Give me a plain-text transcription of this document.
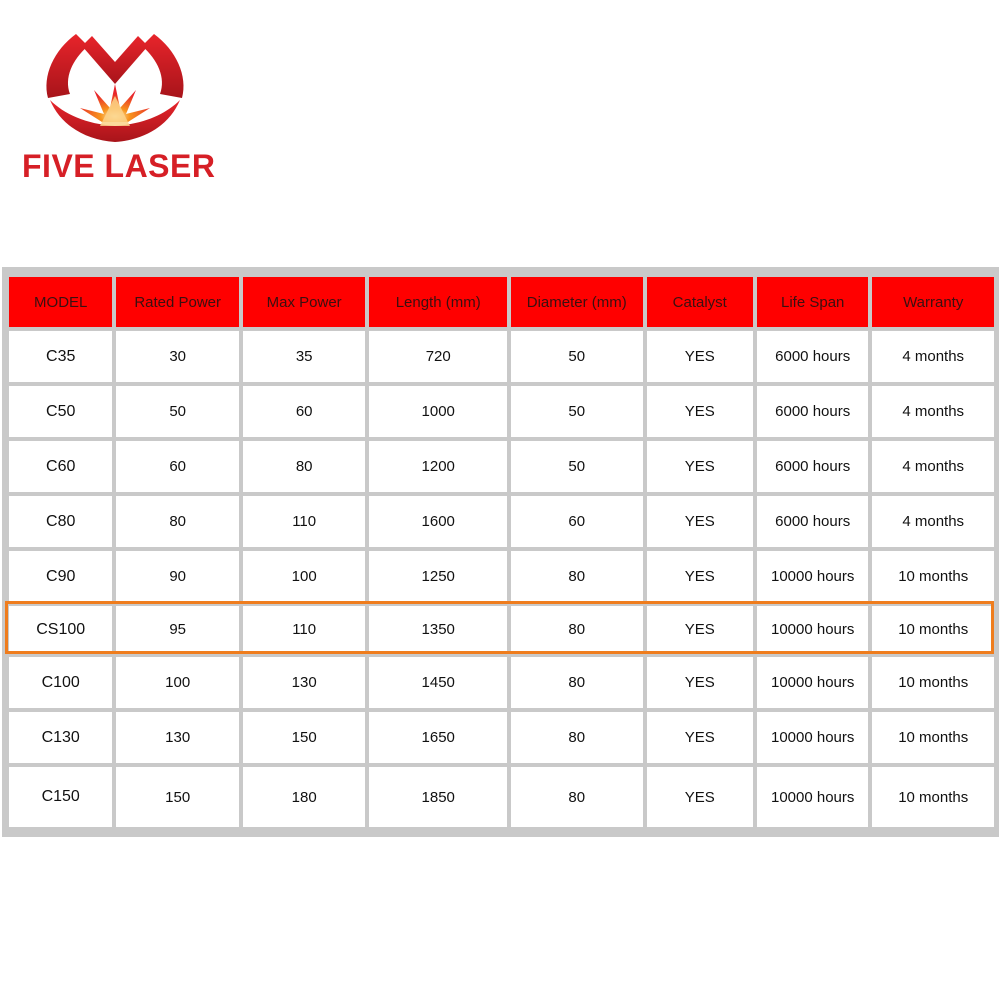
FIVE LASER
MODEL	Rated Power	Max Power	Length (mm)	Diameter (mm)	Catalyst	Life Span	Warranty
C35	30	35	720	50	YES	6000 hours	4 months
C50	50	60	1000	50	YES	6000 hours	4 months
C60	60	80	1200	50	YES	6000 hours	4 months
C80	80	110	1600	60	YES	6000 hours	4 months
C90	90	100	1250	80	YES	10000 hours	10 months
CS100	95	110	1350	80	YES	10000 hours	10 months
C100	100	130	1450	80	YES	10000 hours	10 months
C130	130	150	1650	80	YES	10000 hours	10 months
C150	150	180	1850	80	YES	10000 hours	10 months
